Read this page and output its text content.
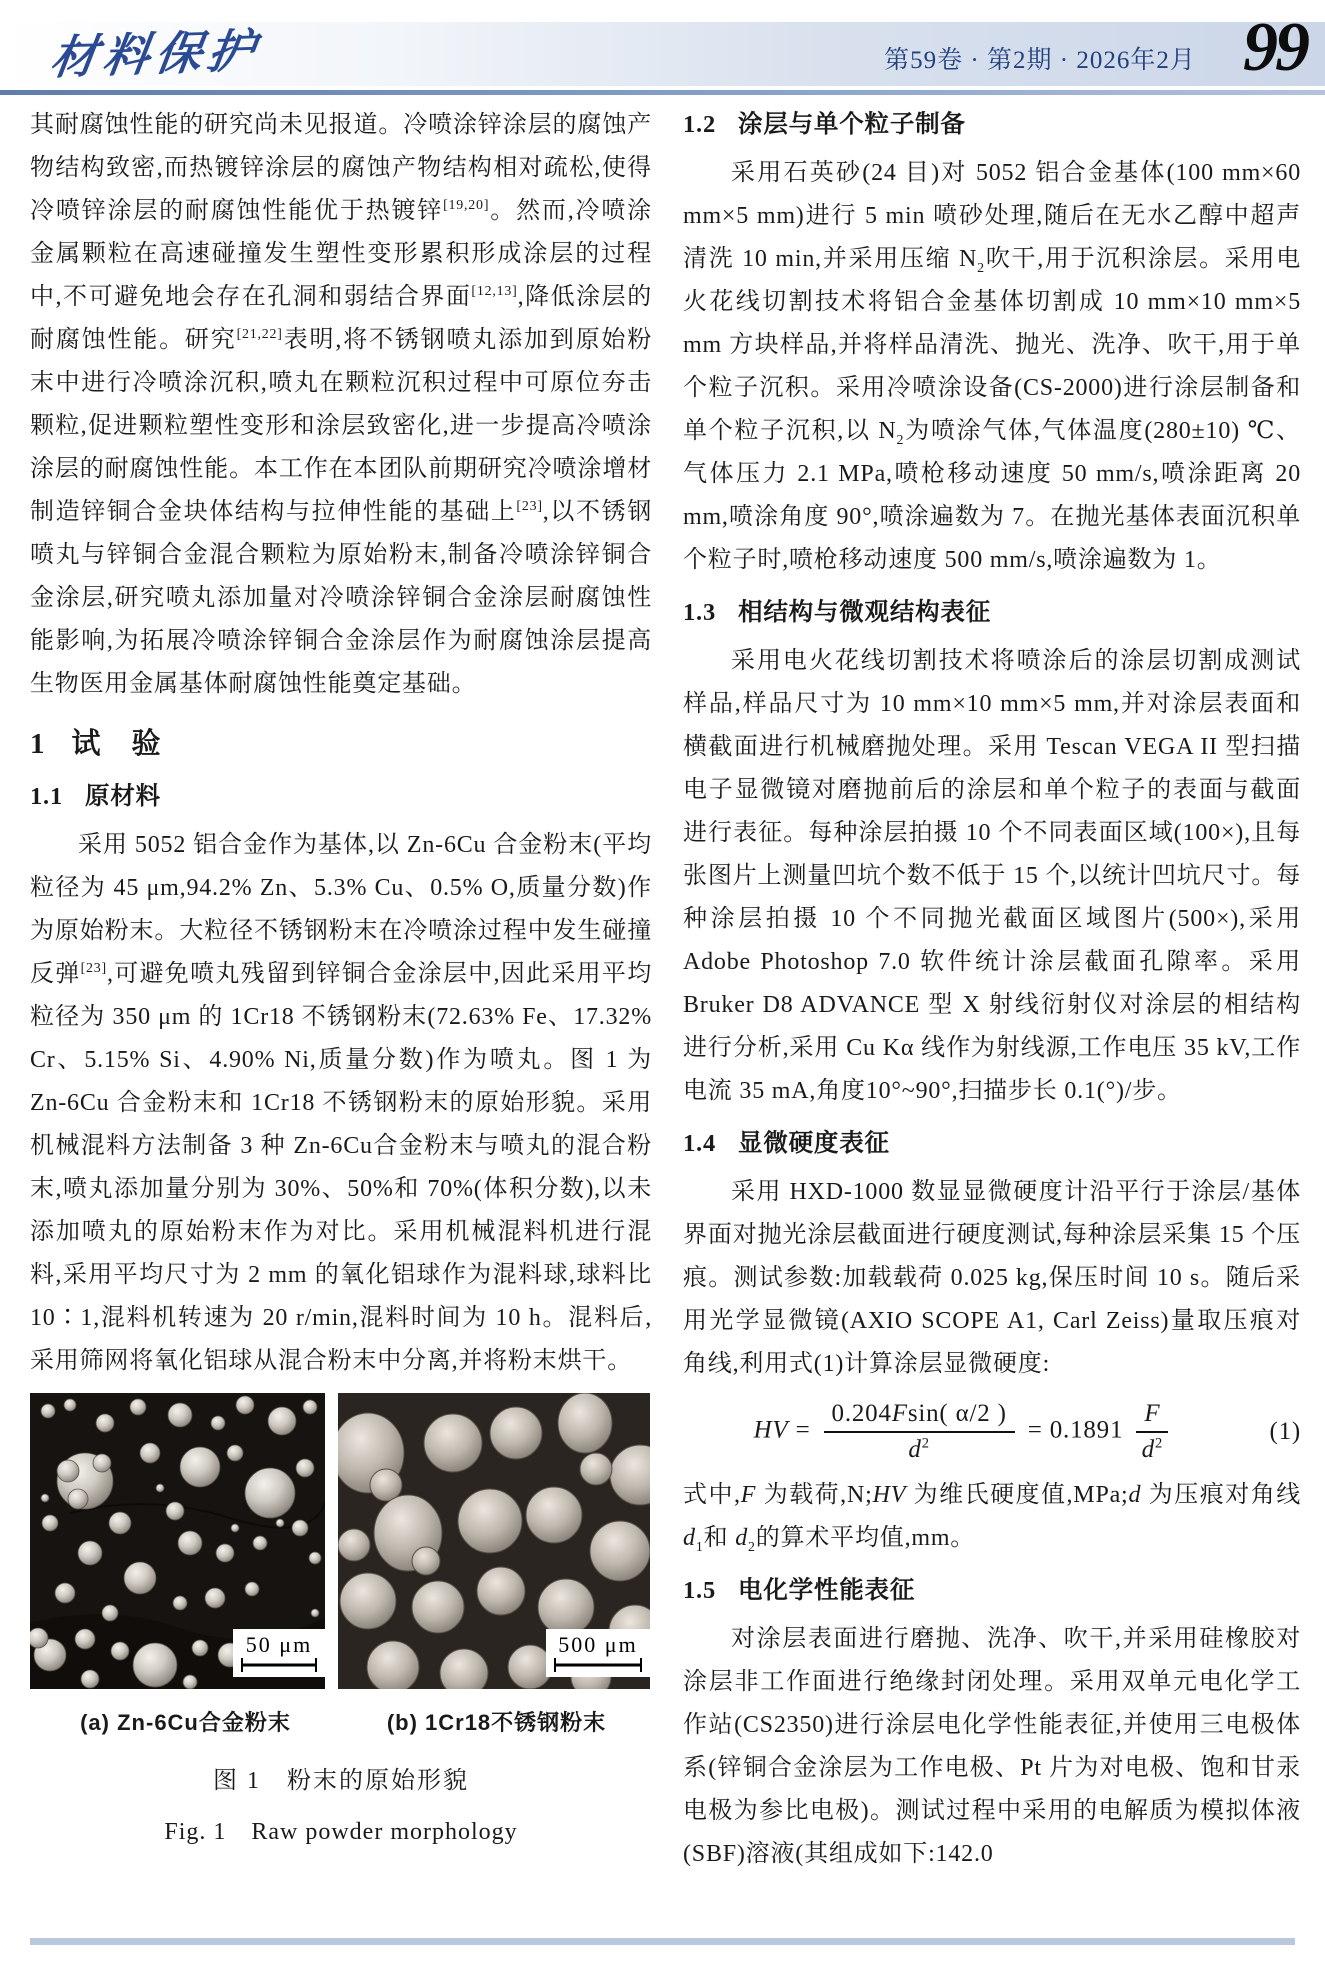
材料保护	第59卷 · 第2期 · 2026年2月 99

其耐腐蚀性能的研究尚未见报道。冷喷涂锌涂层的腐蚀产物结构致密,而热镀锌涂层的腐蚀产物结构相对疏松,使得冷喷锌涂层的耐腐蚀性能优于热镀锌[19,20]。然而,冷喷涂金属颗粒在高速碰撞发生塑性变形累积形成涂层的过程中,不可避免地会存在孔洞和弱结合界面[12,13],降低涂层的耐腐蚀性能。研究[21,22]表明,将不锈钢喷丸添加到原始粉末中进行冷喷涂沉积,喷丸在颗粒沉积过程中可原位夯击颗粒,促进颗粒塑性变形和涂层致密化,进一步提高冷喷涂涂层的耐腐蚀性能。本工作在本团队前期研究冷喷涂增材制造锌铜合金块体结构与拉伸性能的基础上[23],以不锈钢喷丸与锌铜合金混合颗粒为原始粉末,制备冷喷涂锌铜合金涂层,研究喷丸添加量对冷喷涂锌铜合金涂层耐腐蚀性能影响,为拓展冷喷涂锌铜合金涂层作为耐腐蚀涂层提高生物医用金属基体耐腐蚀性能奠定基础。

1 试　验
1.1 原材料

采用 5052 铝合金作为基体,以 Zn-6Cu 合金粉末(平均粒径为 45 μm,94.2% Zn、5.3% Cu、0.5% O,质量分数)作为原始粉末。大粒径不锈钢粉末在冷喷涂过程中发生碰撞反弹[23],可避免喷丸残留到锌铜合金涂层中,因此采用平均粒径为 350 μm 的 1Cr18 不锈钢粉末(72.63% Fe、17.32% Cr、5.15% Si、4.90% Ni,质量分数)作为喷丸。图 1 为 Zn-6Cu 合金粉末和 1Cr18 不锈钢粉末的原始形貌。采用机械混料方法制备 3 种 Zn-6Cu合金粉末与喷丸的混合粉末,喷丸添加量分别为 30%、50%和 70%(体积分数),以未添加喷丸的原始粉末作为对比。采用机械混料机进行混料,采用平均尺寸为 2 mm 的氧化铝球作为混料球,球料比 10∶1,混料机转速为 20 r/min,混料时间为 10 h。混料后,采用筛网将氧化铝球从混合粉末中分离,并将粉末烘干。

50 μm	500 μm
(a) Zn-6Cu合金粉末	(b) 1Cr18不锈钢粉末
图 1　粉末的原始形貌
Fig. 1　Raw powder morphology
1.2 涂层与单个粒子制备

采用石英砂(24 目)对 5052 铝合金基体(100 mm×60 mm×5 mm)进行 5 min 喷砂处理,随后在无水乙醇中超声清洗 10 min,并采用压缩 $N_2$吹干,用于沉积涂层。采用电火花线切割技术将铝合金基体切割成 10 mm×10 mm×5 mm 方块样品,并将样品清洗、抛光、洗净、吹干,用于单个粒子沉积。采用冷喷涂设备(CS-2000)进行涂层制备和单个粒子沉积,以 $N_2$为喷涂气体,气体温度(280±10) ℃、气体压力 2.1 MPa,喷枪移动速度 50 mm/s,喷涂距离 20 mm,喷涂角度 90°,喷涂遍数为 7。在抛光基体表面沉积单个粒子时,喷枪移动速度 500 mm/s,喷涂遍数为 1。

1.3 相结构与微观结构表征

采用电火花线切割技术将喷涂后的涂层切割成测试样品,样品尺寸为 10 mm×10 mm×5 mm,并对涂层表面和横截面进行机械磨抛处理。采用 Tescan VEGA II 型扫描电子显微镜对磨抛前后的涂层和单个粒子的表面与截面进行表征。每种涂层拍摄 10 个不同表面区域(100×),且每张图片上测量凹坑个数不低于 15 个,以统计凹坑尺寸。每种涂层拍摄 10 个不同抛光截面区域图片(500×),采用 Adobe Photoshop 7.0 软件统计涂层截面孔隙率。采用 Bruker D8 ADVANCE 型 X 射线衍射仪对涂层的相结构进行分析,采用 Cu Kα 线作为射线源,工作电压 35 kV,工作电流 35 mA,角度10°~90°,扫描步长 0.1(°)/步。

1.4 显微硬度表征

采用 HXD-1000 数显显微硬度计沿平行于涂层/基体界面对抛光涂层截面进行硬度测试,每种涂层采集 15 个压痕。测试参数:加载载荷 0.025 kg,保压时间 10 s。随后采用光学显微镜(AXIO SCOPE A1, Carl Zeiss)量取压痕对角线,利用式(1)计算涂层显微硬度:

HV = $\frac{0.204Fsin( \alpha/2 )}{d^2} = 0.1891 \frac{F}{d^2}$	(1)

式中,F 为载荷,N;HV 为维氏硬度值,MPa;d 为压痕对角线 $d_1$和 $d_2$的算术平均值,mm。

1.5 电化学性能表征

对涂层表面进行磨抛、洗净、吹干,并采用硅橡胶对涂层非工作面进行绝缘封闭处理。采用双单元电化学工作站(CS2350)进行涂层电化学性能表征,并使用三电极体系(锌铜合金涂层为工作电极、Pt 片为对电极、饱和甘汞电极为参比电极)。测试过程中采用的电解质为模拟体液(SBF)溶液(其组成如下:142.0
